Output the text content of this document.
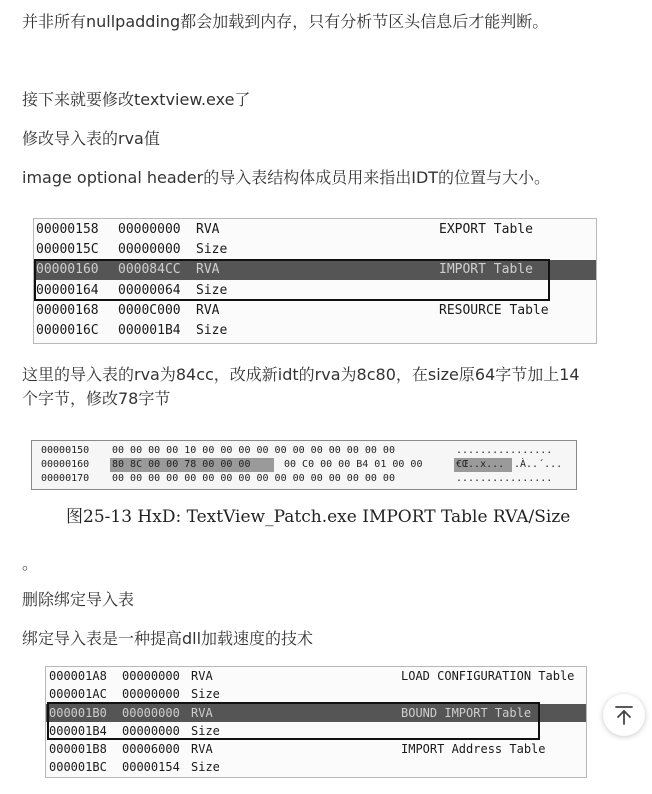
并非所有nullpadding都会加载到内存，只有分析节区头信息后才能判断。

接下来就要修改textview.exe了

修改导入表的rva值

image optional header的导入表结构体成员用来指出IDT的位置与大小。

00000158 00000000 RVA	EXPORT Table
0000015C 00000000 Size
00000160 000084CC RVA	IMPORT Table
00000164 00000064 Size
00000168 0000C000 RVA	RESOURCE Table
0000016C 000001B4 Size

这里的导入表的rva为84cc，改成新idt的rva为8c80，在size原64字节加上14

个字节，修改78字节

00000150 00 00 00 00 10 00 00 00 00 00 00 00 00 00 00 00	................
00000160 80 8C 00 00 78 00 00 00	00 C0 00 00 B4 01 00 00	€Œ..x... .À..´...
00000170 00 00 00 00 00 00 00 00 00 00 00 00 00 00 00 00	................
图25-13 HxD: TextView_Patch.exe IMPORT Table RVA/Size

。

删除绑定导入表

绑定导入表是一种提高dll加载速度的技术

000001A8 00000000 RVA	LOAD CONFIGURATION Table
000001AC 00000000 Size
000001B0 00000000 RVA	BOUND IMPORT Table
000001B4 00000000 Size
000001B8 00006000 RVA	IMPORT Address Table
000001BC 00000154 Size
